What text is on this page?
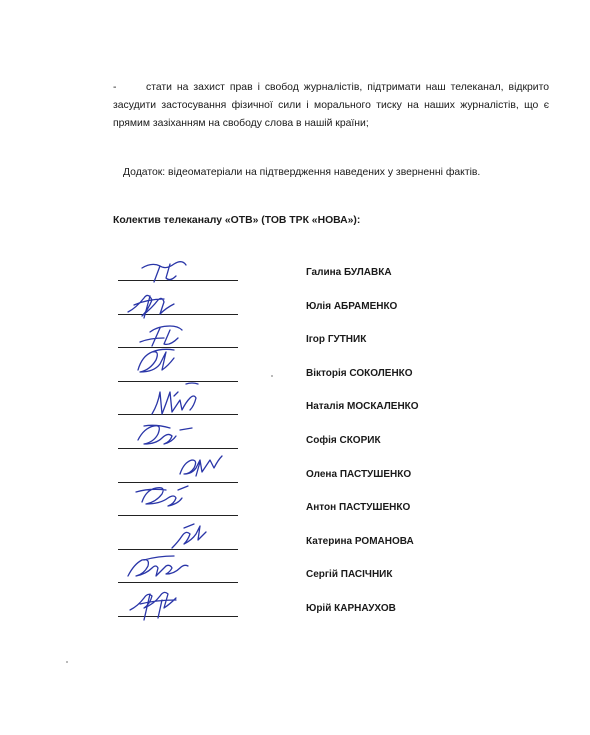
-	стати на захист прав і свобод журналістів, підтримати наш телеканал, відкрито засудити застосування фізичної сили і морального тиску на наших журналістів, що є прямим зазіханням на свободу слова в нашій країни;
Додаток: відеоматеріали на підтвердження наведених у зверненні фактів.
Колектив телеканалу «ОТВ» (ТОВ ТРК «НОВА»):
Галина БУЛАВКА
Юлія АБРАМЕНКО
Ігор ГУТНИК
Вікторія СОКОЛЕНКО
Наталія МОСКАЛЕНКО
Софія СКОРИК
Олена ПАСТУШЕНКО
Антон ПАСТУШЕНКО
Катерина РОМАНОВА
Сергій ПАСІЧНИК
Юрій КАРНАУХОВ
